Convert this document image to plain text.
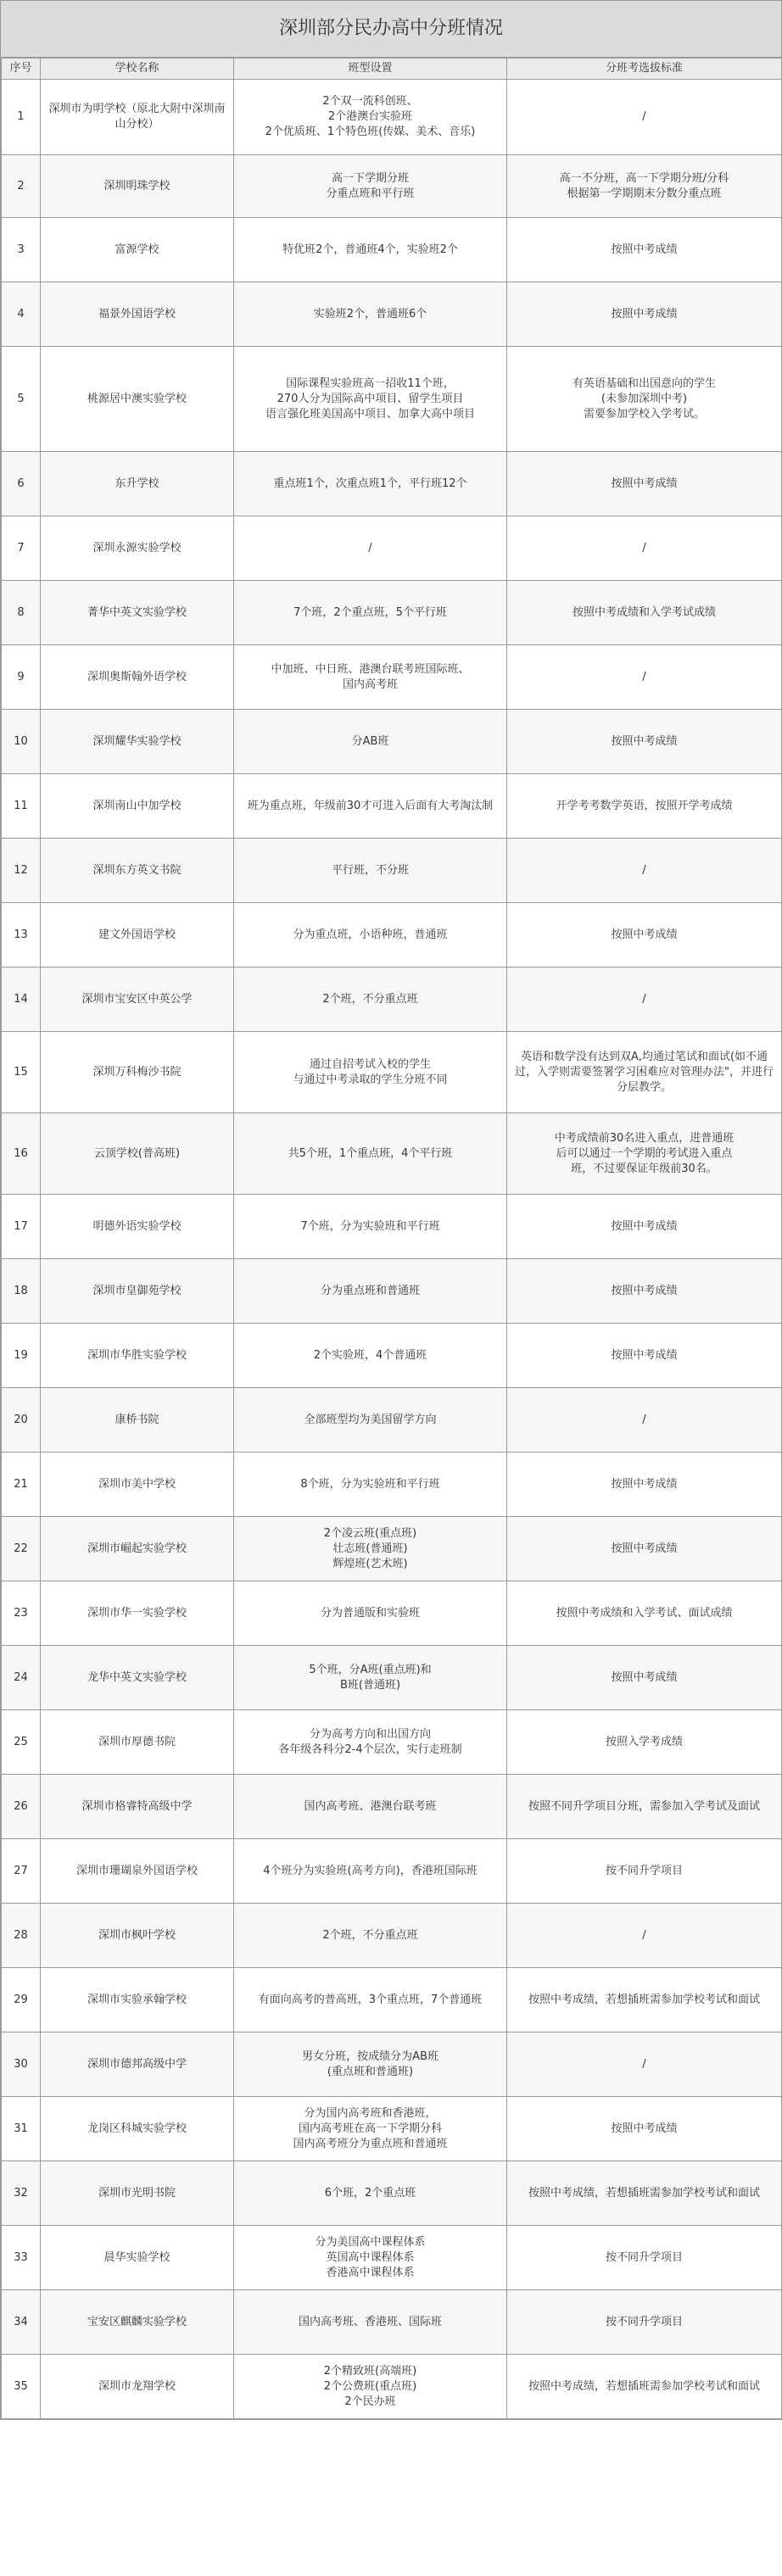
深圳部分民办高中分班情况
序号	学校名称	班型设置	分班考选拔标准
1	深圳市为明学校（原北大附中深圳南山分校）	2个双一流科创班、
2个港澳台实验班
2个优质班、1个特色班(传媒、美术、音乐)	/
2	深圳明珠学校	高一下学期分班
分重点班和平行班	高一不分班，高一下学期分班/分科
根据第一学期期末分数分重点班
3	富源学校	特优班2个，普通班4个，实验班2个	按照中考成绩
4	福景外国语学校	实验班2个，普通班6个	按照中考成绩
5	桃源居中澳实验学校	国际课程实验班高一招收11个班，
270人分为国际高中项目、留学生项目
语言强化班美国高中项目、加拿大高中项目	有英语基础和出国意向的学生
(未参加深圳中考)
需要参加学校入学考试。
6	东升学校	重点班1个，次重点班1个，平行班12个	按照中考成绩
7	深圳永源实验学校	/	/
8	菁华中英文实验学校	7个班，2个重点班，5个平行班	按照中考成绩和入学考试成绩
9	深圳奥斯翰外语学校	中加班、中日班、港澳台联考班国际班、
国内高考班	/
10	深圳耀华实验学校	分AB班	按照中考成绩
11	深圳南山中加学校	班为重点班，年级前30才可进入后面有大考淘汰制	开学考考数学英语，按照开学考成绩
12	深圳东方英文书院	平行班，不分班	/
13	建文外国语学校	分为重点班，小语种班，普通班	按照中考成绩
14	深圳市宝安区中英公学	2个班，不分重点班	/
15	深圳万科梅沙书院	通过自招考试入校的学生
与通过中考录取的学生分班不同	英语和数学没有达到双A,均通过笔试和面试(如不通过，入学则需要签署学习困难应对管理办法"，并进行分层教学。
16	云顶学校(普高班)	共5个班，1个重点班，4个平行班	中考成绩前30名进入重点，进普通班
后可以通过一个学期的考试进入重点
班，不过要保证年级前30名。
17	明德外语实验学校	7个班，分为实验班和平行班	按照中考成绩
18	深圳市皇御苑学校	分为重点班和普通班	按照中考成绩
19	深圳市华胜实验学校	2个实验班，4个普通班	按照中考成绩
20	康桥书院	全部班型均为美国留学方向	/
21	深圳市美中学校	8个班，分为实验班和平行班	按照中考成绩
22	深圳市崛起实验学校	2个凌云班(重点班)
壮志班(普通班)
辉煌班(艺术班)	按照中考成绩
23	深圳市华一实验学校	分为普通版和实验班	按照中考成绩和入学考试、面试成绩
24	龙华中英文实验学校	5个班，分A班(重点班)和
B班(普通班)	按照中考成绩
25	深圳市厚德书院	分为高考方向和出国方向
各年级各科分2-4个层次，实行走班制	按照入学考成绩
26	深圳市格睿特高级中学	国内高考班、港澳台联考班	按照不同升学项目分班，需参加入学考试及面试
27	深圳市珊瑚泉外国语学校	4个班分为实验班(高考方向)，香港班国际班	按不同升学项目
28	深圳市枫叶学校	2个班，不分重点班	/
29	深圳市实验承翰学校	有面向高考的普高班，3个重点班，7个普通班	按照中考成绩，若想插班需参加学校考试和面试
30	深圳市德邦高级中学	男女分班，按成绩分为AB班
(重点班和普通班)	/
31	龙岗区科城实验学校	分为国内高考班和香港班，
国内高考班在高一下学期分科
国内高考班分为重点班和普通班	按照中考成绩
32	深圳市光明书院	6个班，2个重点班	按照中考成绩，若想插班需参加学校考试和面试
33	晨华实验学校	分为美国高中课程体系
英国高中课程体系
香港高中课程体系	按不同升学项目
34	宝安区麒麟实验学校	国内高考班、香港班、国际班	按不同升学项目
35	深圳市龙翔学校	2个精致班(高端班)
2个公费班(重点班)
2个民办班	按照中考成绩，若想插班需参加学校考试和面试
